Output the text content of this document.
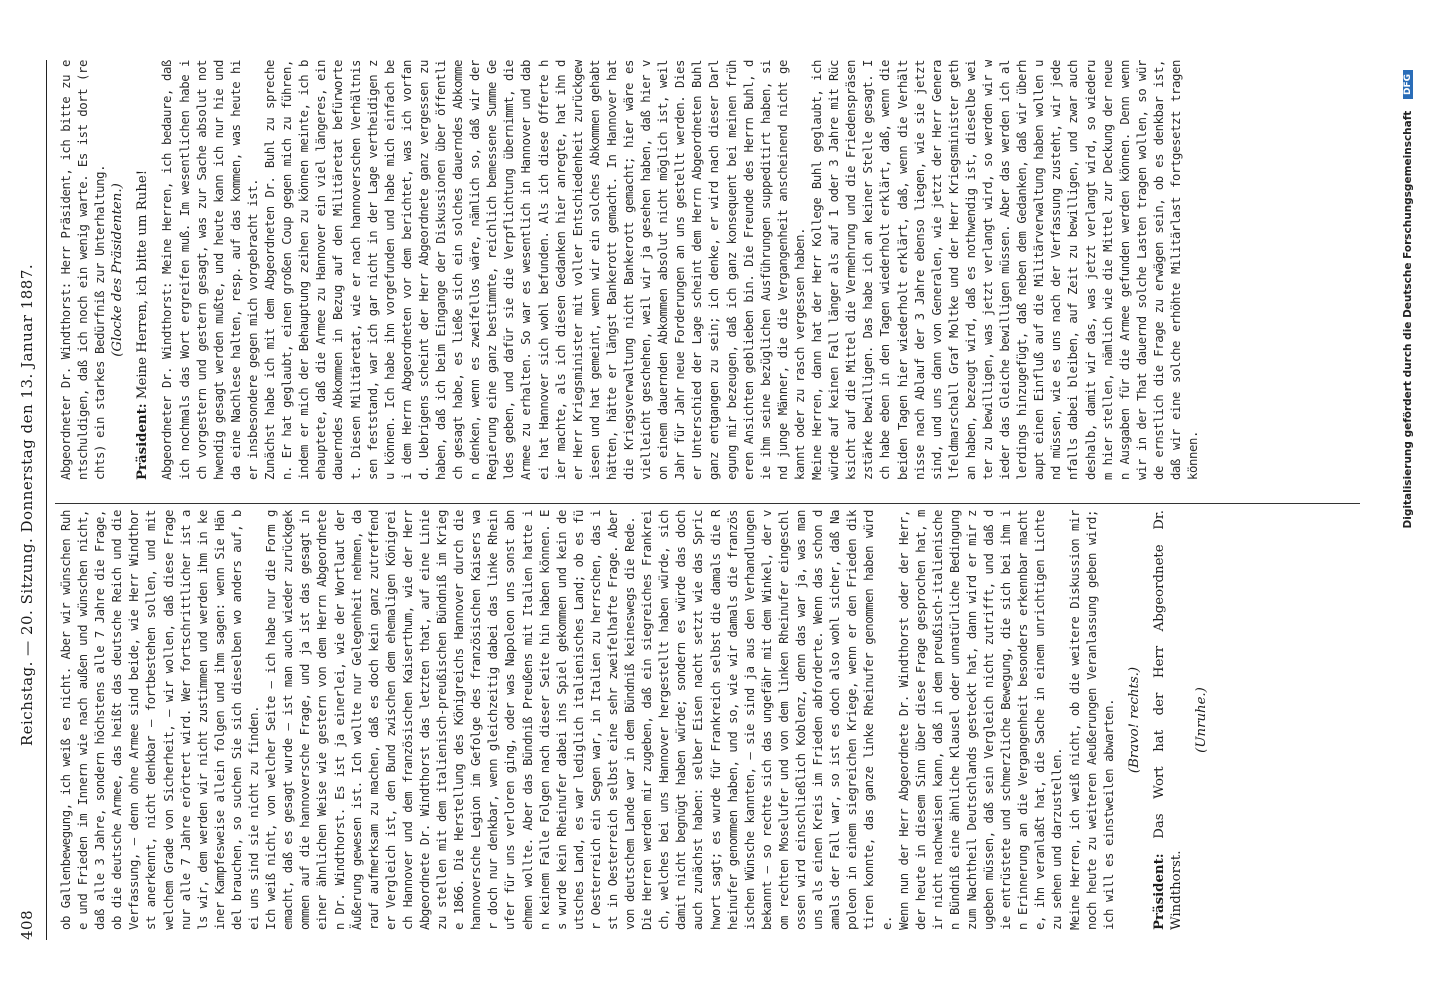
408
Reichstag. — 20. Sitzung. Donnerstag den 13. Januar 1887. ob Gallenbewegung, ich weiß es nicht. Aber wir wünschen Ruhe und Frieden im Innern wie nach außen und wünschen nicht, daß alle 3 Jahre, sondern höchstens alle 7 Jahre die Frage, ob die deutsche Armee, das heißt das deutsche Reich und die Verfassung, — denn ohne Armee sind beide, wie Herr Windthorst anerkennt, nicht denkbar — fortbestehen sollen, und mit welchem Grade von Sicherheit, — wir wollen, daß diese Frage nur alle 7 Jahre erörtert wird. Wer fortschrittlicher ist als wir, dem werden wir nicht zustimmen und werden ihm in keiner Kampfesweise allein folgen und ihm sagen: wenn Sie Händel brauchen, so suchen Sie sich dieselben wo anders auf, bei uns sind sie nicht zu finden. Ich weiß nicht, von welcher Seite — ich habe nur die Form gemacht, daß es gesagt wurde — ist man auch wieder zurückgekommen auf die hannoversche Frage, und ja ist das gesagt in einer ähnlichen Weise wie gestern von dem Herrn Abgeordneten Dr. Windthorst. Es ist ja einerlei, wie der Wortlaut der Äußerung gewesen ist. Ich wollte nur Gelegenheit nehmen, darauf aufmerksam zu machen, daß es doch kein ganz zutreffender Vergleich ist, den Bund zwischen dem ehemaligen Königreich Hannover und dem französischen Kaiserthum, wie der Herr Abgeordnete Dr. Windthorst das letzten that, auf eine Linie zu stellen mit dem italienisch-preußischen Bündniß im Kriege 1866. Die Herstellung des Königreichs Hannover durch die hannoversche Legion im Gefolge des französischen Kaisers war doch nur denkbar, wenn gleichzeitig dabei das linke Rheinufer für uns verloren ging, oder was Napoleon uns sonst abnehmen wollte. Aber das Bündniß Preußens mit Italien hatte in keinem Falle Folgen nach dieser Seite hin haben können. Es wurde kein Rheinufer dabei ins Spiel gekommen und kein deutsches Land, es war lediglich italienisches Land; ob es für Oesterreich ein Segen war, in Italien zu herrschen, das ist in Oesterreich selbst eine sehr zweifelhafte Frage. Aber von deutschem Lande war in dem Bündniß keineswegs die Rede. Die Herren werden mir zugeben, daß ein siegreiches Frankreich, welches bei uns Hannover hergestellt haben würde, sich damit nicht begnügt haben würde; sondern es würde das doch auch zunächst haben: selber Eisen nacht setzt wie das Sprichwort sagt; es wurde für Frankreich selbst die damals die Rheinufer genommen haben, und so, wie wir damals die französischen Wünsche kannten, — sie sind ja aus den Verhandlungen bekannt — so rechte sich das ungefähr mit dem Winkel, der vom rechten Moselufer und von dem linken Rheinufer eingeschlossen wird einschließlich Koblenz, denn das war ja, was man uns als einen Kreis im Frieden abforderte. Wenn das schon damals der Fall war, so ist es doch also wohl sicher, daß Napoleon in einem siegreichen Kriege, wenn er den Frieden diktiren konnte, das ganze linke Rheinufer genommen haben würde. Wenn nun der Herr Abgeordnete Dr. Windthorst oder der Herr, der heute in diesem Sinn über diese Frage gesprochen hat, mir nicht nachweisen kann, daß in dem preußisch-italienischen Bündniß eine ähnliche Klausel oder unnatürliche Bedingung zum Nachtheil Deutschlands gesteckt hat, dann wird er mir zugeben müssen, daß sein Vergleich nicht zutrifft, und daß die entrüstete und schmerzliche Bewegung, die sich bei ihm in Erinnerung an die Vergangenheit besonders erkennbar machte, ihn veranlaßt hat, die Sache in einem unrichtigen Lichte zu sehen und darzustellen. Meine Herren, ich weiß nicht, ob die weitere Diskussion mir noch heute zu weiteren Aeußerungen Veranlassung geben wird; ich will es einstweilen abwarten. (Bravo! rechts.)

Präsident: Das Wort hat der Herr Abgeordnete Dr. Windthorst.

(Unruhe.)

Abgeordneter Dr. Windthorst: Herr Präsident, ich bitte zu entschuldigen, daß ich noch ein wenig warte. Es ist dort (rechts) ein starkes Bedürfniß zur Unterhaltung. (Glocke des Präsidenten.)

Präsident: Meine Herren, ich bitte um Ruhe! Abgeordneter Dr. Windthorst: Meine Herren, ich bedaure, daß ich nochmals das Wort ergreifen muß. Im wesentlichen habe ich vorgestern und gestern gesagt, was zur Sache absolut nothwendig gesagt werden mußte, und heute kann ich nur hie und da eine Nachlese halten, resp. auf das kommen, was heute hier insbesondere gegen mich vorgebracht ist. Zunächst habe ich mit dem Abgeordneten Dr. Buhl zu sprechen. Er hat geglaubt, einen großen Coup gegen mich zu führen, indem er mich der Behauptung zeihen zu können meinte, ich behauptete, daß die Armee zu Hannover ein viel längeres, ein dauerndes Abkommen in Bezug auf den Militäretat befürwortet. Diesen Militäretat, wie er nach hannoverschen Verhältnissen feststand, war ich gar nicht in der Lage vertheidigen zu können. Ich habe ihn vorgefunden und habe mich einfach bei dem Herrn Abgeordneten vor dem berichtet, was ich vorfand. Uebrigens scheint der Herr Abgeordnete ganz vergessen zu haben, daß ich beim Eingange der Diskussionen über öffentlich gesagt habe, es ließe sich ein solches dauerndes Abkommen denken, wenn es zweifellos wäre, nämlich so, daß wir der Regierung eine ganz bestimmte, reichlich bemessene Summe Geldes geben, und dafür sie die Verpflichtung übernimmt, die Armee zu erhalten. So war es wesentlich in Hannover und dabei hat Hannover sich wohl befunden. Als ich diese Offerte hier machte, als ich diesen Gedanken hier anregte, hat ihn der Herr Kriegsminister mit voller Entschiedenheit zurückgewiesen und hat gemeint, wenn wir ein solches Abkommen gehabt hätten, hätte er längst Bankerott gemacht. In Hannover hat die Kriegsverwaltung nicht Bankerott gemacht; hier wäre es vielleicht geschehen, weil wir ja gesehen haben, daß hier von einem dauernden Abkommen absolut nicht möglich ist, weil Jahr für Jahr neue Forderungen an uns gestellt werden. Dieser Unterschied der Lage scheint dem Herrn Abgeordneten Buhl ganz entgangen zu sein; ich denke, er wird nach dieser Darlegung mir bezeugen, daß ich ganz konsequent bei meinen früheren Ansichten geblieben bin. Die Freunde des Herrn Buhl, die ihm seine bezüglichen Ausführungen suppeditirt haben, sind junge Männer, die die Vergangenheit anscheinend nicht gekannt oder zu rasch vergessen haben. Meine Herren, dann hat der Herr Kollege Buhl geglaubt, ich würde auf keinen Fall länger als auf 1 oder 3 Jahre mit Rücksicht auf die Mittel die Vermehrung und die Friedenspräsenzstärke bewilligen. Das habe ich an keiner Stelle gesagt. Ich habe eben in den Tagen wiederholt erklärt, daß, wenn die beiden Tagen hier wiederholt erklärt, daß, wenn die Verhältnisse nach Ablauf der 3 Jahre ebenso liegen, wie sie jetzt sind, und uns dann von Generalen, wie jetzt der Herr Generalfeldmarschall Graf Moltke und der Herr Kriegsminister gethan haben, bezeugt wird, daß es nothwendig ist, dieselbe weiter zu bewilligen, was jetzt verlangt wird, so werden wir wieder das Gleiche bewilligen müssen. Aber das werden ich allerdings hinzugefügt, daß neben dem Gedanken, daß wir überhaupt einen Einfluß auf die Militärverwaltung haben wollen und müssen, wie es uns nach der Verfassung zusteht, wir jedenfalls dabei bleiben, auf Zeit zu bewilligen, und zwar auch deshalb, damit wir das, was jetzt verlangt wird, so wiederum hier stellen, nämlich wie die Mittel zur Deckung der neuen Ausgaben für die Armee gefunden werden können. Denn wenn wir in der That dauernd solche Lasten tragen wollen, so würde ernstlich die Frage zu erwägen sein, ob es denkbar ist, daß wir eine solche erhöhte Militärlast fortgesetzt tragen können.	Digitalisierung gefördert durch die Deutsche Forschungsgemeinschaft DFG
